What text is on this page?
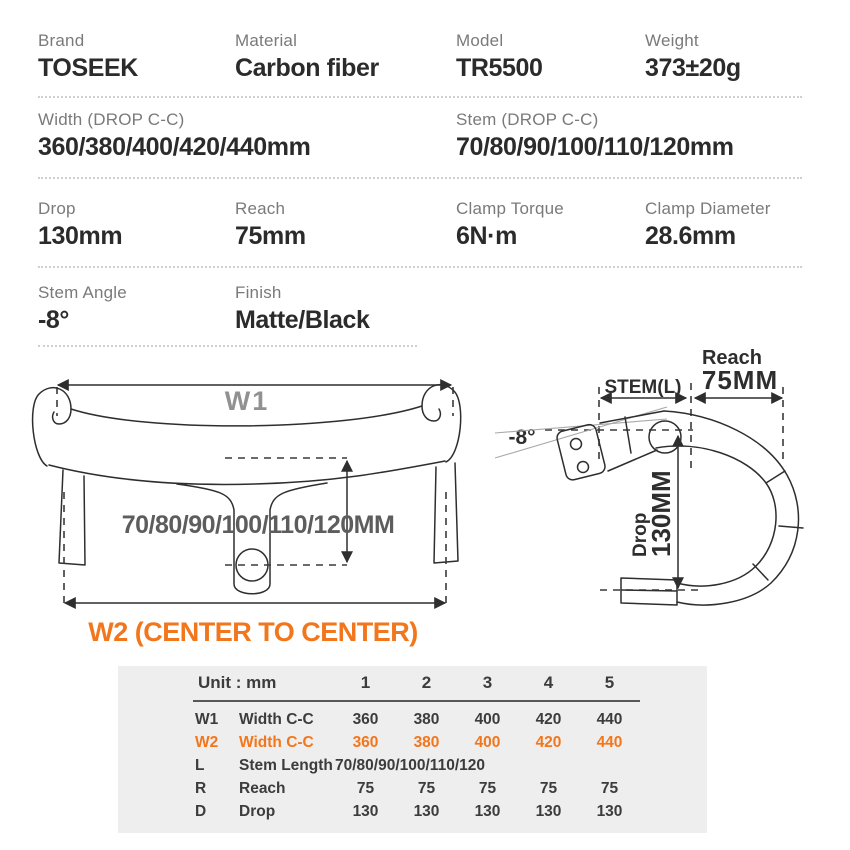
Brand
TOSEEK
Material
Carbon fiber
Model
TR5500
Weight
373±20g
Width (DROP C-C)
360/380/400/420/440mm
Stem (DROP C-C)
70/80/90/100/110/120mm
Drop
130mm
Reach
75mm
Clamp Torque
6N·m
Clamp Diameter
28.6mm
Stem Angle
-8°
Finish
Matte/Black
W1
70/80/90/100/110/120MM
W2 (CENTER TO CENTER)
Reach
75MM
STEM(L)
-8°
Drop
130MM
Unit : mm		1	2	3	4	5
W1	Width C-C	360	380	400	420	440
W2	Width C-C	360	380	400	420	440
L	Stem Length	70/80/90/100/110/120				
R	Reach	75	75	75	75	75
D	Drop	130	130	130	130	130
